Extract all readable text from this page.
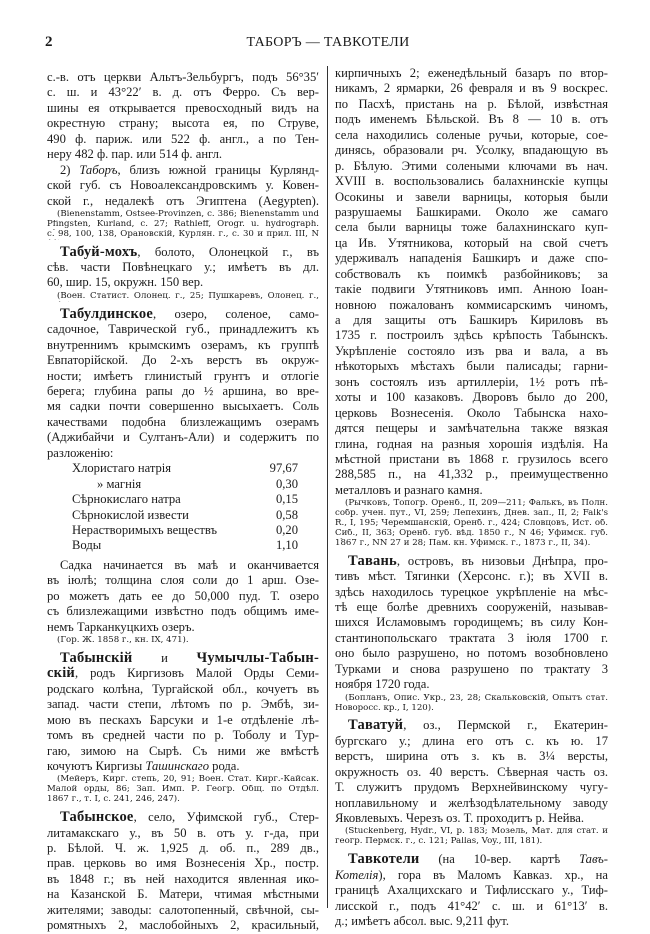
2	ТАБОРЪ — ТАВКОТЕЛИ
с.-в. отъ церкви Альтъ-Зельбургъ, подъ 56°35′
с. ш. и 43°22′ в. д. отъ Ферро. Съ вер-
шины ея открывается превосходный видъ на
окрестную страну; высота ея, по Струве,
490 ф. париж. или 522 ф. англ., а по Тен-
неру 482 ф. пар. или 514 ф. англ.
2) Таборъ, близъ южной границы Курлянд-
ской губ. съ Новоалександровскимъ у. Ковен-
ской г., недалекѣ отъ Эгиптена (Aegypten).
(Bienenstamm, Ostsee-Provinzen, с. 386; Bienenstamm und
Pfingsten, Kurland, с. 27; Rathleff, Orogr. u. hydrograph.
с. 98, 100, 138, Орановскій, Курлян. г., с. 30 и прил. III, N
Табуй-мохъ, болото, Олонецкой г., въ
сѣв. части Повѣнецкаго у.; имѣетъ въ дл.
60, шир. 15, окружн. 150 вер.
(Воен. Статист. Олонец. г., 25; Пушкаревъ, Олонец. г.,
Табулдинское, озеро, соленое, само-
садочное, Таврической губ., принадлежитъ къ
внутреннимъ крымскимъ озерамъ, къ группѣ
Евпаторійской. До 2-хъ верстъ въ окруж-
ности; имѣетъ глинистый грунтъ и отлогіе
берега; глубина рапы до ½ аршина, во вре-
мя садки почти совершенно высыхаетъ. Соль
качествами подобна близлежащимъ озерамъ
(Аджибайчи и Султанъ-Али) и содержитъ по
разложенію:
Хлористаго натрія	97,67
» магнія	0,30
Сѣрнокислаго натра	0,15
Сѣрнокислой извести	0,58
Нерастворимыхъ веществъ	0,20
Воды	1,10
Садка начинается въ маѣ и оканчивается
въ іюлѣ; толщина слоя соли до 1 арш. Озе-
ро можетъ дать ее до 50,000 пуд. Т. озеро
съ близлежащими извѣстно подъ общимъ име-
немъ Тарканкуцкихъ озеръ.
(Гор. Ж. 1858 г., кн. IX, 471).
Табынскій и Чумычлы-Табын-
скій, родъ Киргизовъ Малой Орды Семи-
родскаго колѣна, Тургайской обл., кочуетъ въ
запад. части степи, лѣтомъ по р. Эмбѣ, зи-
мою въ пескахъ Барсуки и 1-е отдѣленіе лѣ-
томъ въ средней части по р. Тоболу и Тур-
гаю, зимою на Сырѣ. Съ ними же вмѣстѣ
кочуютъ Киргизы Ташинскаго рода.
(Мейеръ, Кирг. степь, 20, 91; Воен. Стат. Кирг.-Кайсак.
Малой орды, 86; Зап. Имп. Р. Геогр. Общ. по Отдѣл.
1867 г., т. I, с. 241, 246, 247).
Табынское, село, Уфимской губ., Стер-
литамакскаго у., въ 50 в. отъ у. г-да, при
р. Бѣлой. Ч. ж. 1,925 д. об. п., 289 дв.,
прав. церковь во имя Вознесенія Хр., постр.
въ 1848 г.; въ ней находится явленная ико-
на Казанской Б. Матери, чтимая мѣстными
жителями; заводы: салотопенный, свѣчной, сы-
ромятныхъ 2, маслобойныхъ 2, красильный,
кирпичныхъ 2; еженедѣльный базаръ по втор-
никамъ, 2 ярмарки, 26 февраля и въ 9 воскрес.
по Пасхѣ, пристань на р. Бѣлой, извѣстная
подъ именемъ Бѣльской. Въ 8 — 10 в. отъ
села находились соленые ручьи, которые, сое-
динясь, образовали рч. Усолку, впадающую въ
р. Бѣлую. Этими солеными ключами въ нач.
XVIII в. воспользовались балахнинскіе купцы
Осокины и завели варницы, которыя были
разрушаемы Башкирами. Около же самаго
села были варницы тоже балахнинскаго куп-
ца Ив. Утятникова, который на свой счетъ
удерживалъ нападенія Башкиръ и даже спо-
собствовалъ къ поимкѣ разбойниковъ; за
такіе подвиги Утятниковъ имп. Анною Іоан-
новною пожалованъ коммисарскимъ чиномъ,
а для защиты отъ Башкиръ Кириловъ въ
1735 г. построилъ здѣсь крѣпость Табынскъ.
Укрѣпленіе состояло изъ рва и вала, а въ
нѣкоторыхъ мѣстахъ были палисады; гарни-
зонъ состоялъ изъ артиллеріи, 1½ ротъ пѣ-
хоты и 100 казаковъ. Дворовъ было до 200,
церковь Вознесенія. Около Табынска нахо-
дятся пещеры и замѣчательна также вязкая
глина, годная на разныя хорошія издѣлія. На
мѣстной пристани въ 1868 г. грузилось всего
288,585 п., на 41,332 р., преимущественно
металловъ и разнаго камня.
(Рычковъ, Топогр. Оренб., II, 209—211; Фалькъ, въ Полн.
собр. учен. пут., VI, 259; Лепехинъ, Днев. зап., II, 2; Falk's
R., I, 195; Черемшанскій, Оренб. г., 424; Словцовъ, Ист. об.
Сиб., II, 363; Оренб. губ. вѣд. 1850 г., N 46; Уфимск. губ.
1867 г., NN 27 и 28; Пам. кн. Уфимск. г., 1873 г., II, 34).
Тавань, островъ, въ низовьи Днѣпра, про-
тивъ мѣст. Тягинки (Херсонс. г.); въ XVII в.
здѣсь находилось турецкое укрѣпленіе на мѣс-
тѣ еще болѣе древнихъ сооруженій, называв-
шихся Исламовымъ городищемъ; въ силу Кон-
стантинопольскаго трактата 3 іюля 1700 г.
оно было разрушено, но потомъ возобновлено
Турками и снова разрушено по трактату 3
ноября 1720 года.
(Бопланъ, Опис. Укр., 23, 28; Скальковскій, Опытъ стат.
Новоросс. кр., I, 120).
Таватуй, оз., Пермской г., Екатерин-
бургскаго у.; длина его отъ с. къ ю. 17
верстъ, ширина отъ з. къ в. 3¼ версты,
окружность оз. 40 верстъ. Сѣверная часть оз.
Т. служитъ прудомъ Верхнейвинскому чугу-
ноплавильному и желѣзодѣлательному заводу
Яковлевыхъ. Черезъ оз. Т. проходитъ р. Нейва.
(Stuckenberg, Hydr., VI, p. 183; Мозель, Мат. для стат. и
геогр. Пермск. г., с. 121; Pallas, Voy., III, 181).
Тавкотели (на 10-вер. картѣ Тавъ-
Котелія), гора въ Маломъ Кавказ. хр., на
границѣ Ахалцихскаго и Тифлисскаго у., Тиф-
лисской г., подъ 41°42′ с. ш. и 61°13′ в.
д.; имѣетъ абсол. выс. 9,211 фут.
